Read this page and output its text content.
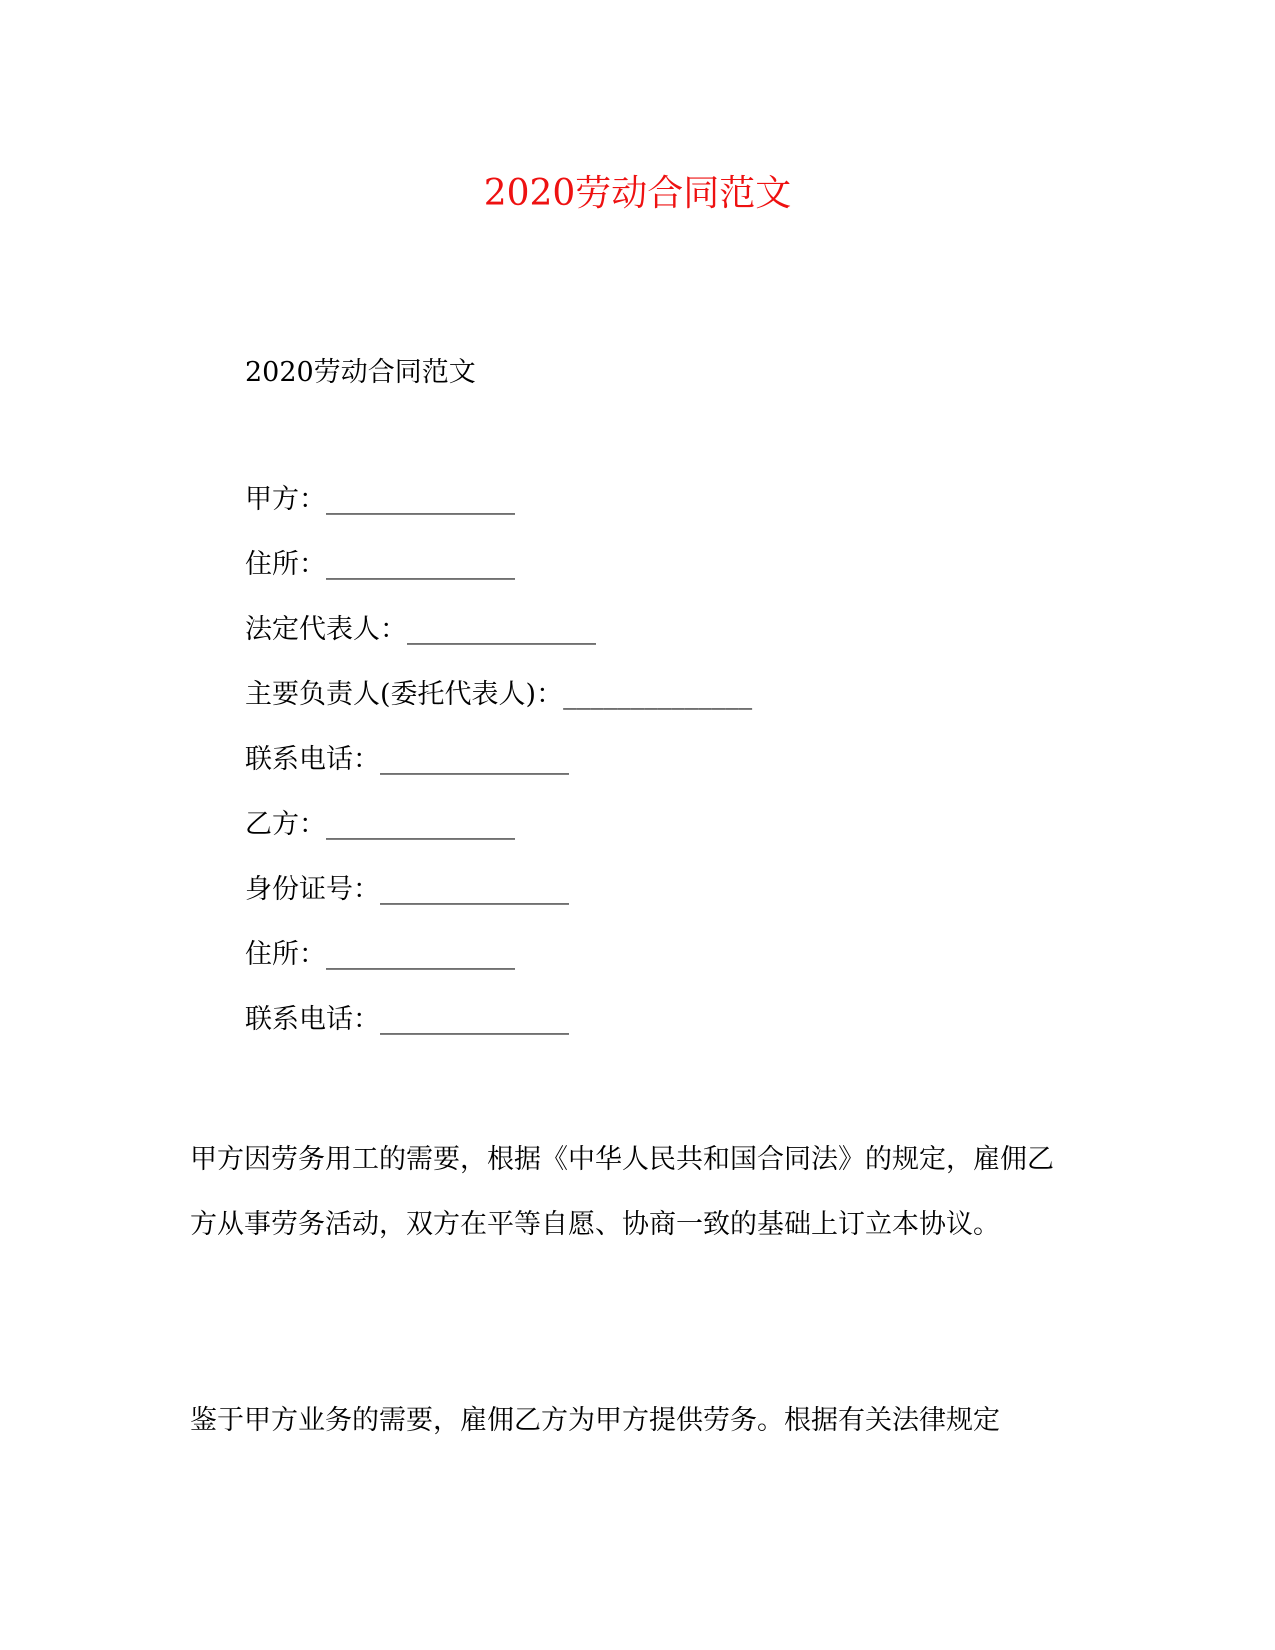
2020劳动合同范文

2020劳动合同范文

甲方：______________
住所：______________
法定代表人：______________
主要负责人(委托代表人)：______________
联系电话：______________
乙方：______________
身份证号：______________
住所：______________
联系电话：______________

甲方因劳务用工的需要，根据《中华人民共和国合同法》的规定，雇佣乙方从事劳务活动，双方在平等自愿、协商一致的基础上订立本协议。

鉴于甲方业务的需要，雇佣乙方为甲方提供劳务。根据有关法律规定
